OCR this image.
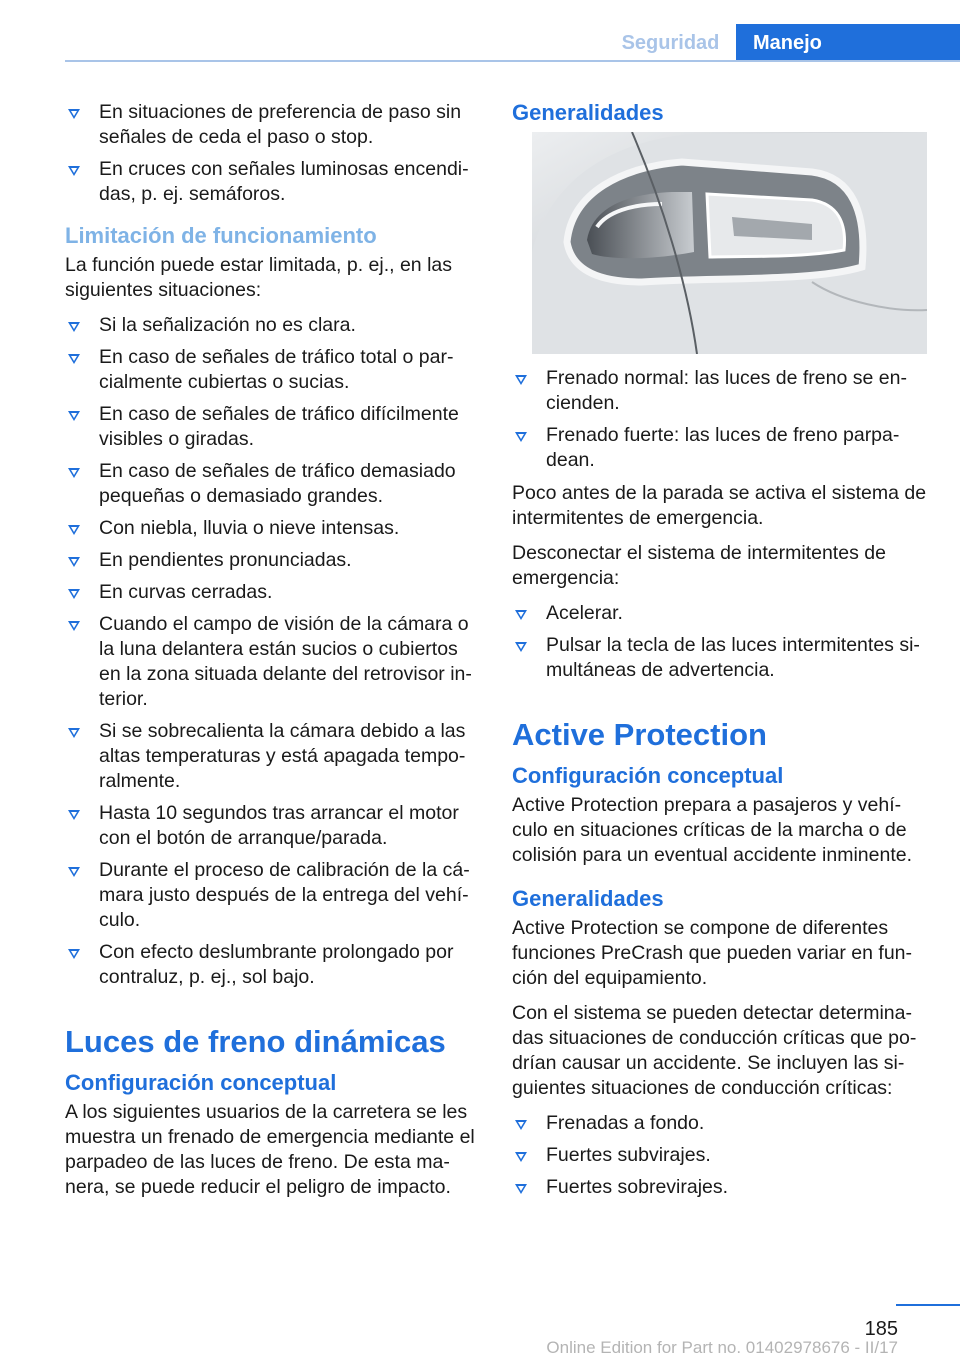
Seguridad	Manejo
En situaciones de preferencia de paso sin señales de ceda el paso o stop.
En cruces con señales luminosas encendi-das, p. ej. semáforos.
Limitación de funcionamiento

La función puede estar limitada, p. ej., en las siguientes situaciones:

Si la señalización no es clara.
En caso de señales de tráfico total o par-cialmente cubiertas o sucias.
En caso de señales de tráfico difícilmente visibles o giradas.
En caso de señales de tráfico demasiado pequeñas o demasiado grandes.
Con niebla, lluvia o nieve intensas.
En pendientes pronunciadas.
En curvas cerradas.
Cuando el campo de visión de la cámara o la luna delantera están sucios o cubiertos en la zona situada delante del retrovisor in-terior.
Si se sobrecalienta la cámara debido a las altas temperaturas y está apagada tempo-ralmente.
Hasta 10 segundos tras arrancar el motor con el botón de arranque/parada.
Durante el proceso de calibración de la cá-mara justo después de la entrega del vehí-culo.
Con efecto deslumbrante prolongado por contraluz, p. ej., sol bajo.
Luces de freno dinámicas
Configuración conceptual

A los siguientes usuarios de la carretera se les muestra un frenado de emergencia mediante el parpadeo de las luces de freno. De esta ma-nera, se puede reducir el peligro de impacto.

Generalidades
Frenado normal: las luces de freno se en-cienden.
Frenado fuerte: las luces de freno parpa-dean.

Poco antes de la parada se activa el sistema de intermitentes de emergencia.

Desconectar el sistema de intermitentes de emergencia:

Acelerar.
Pulsar la tecla de las luces intermitentes si-multáneas de advertencia.
Active Protection
Configuración conceptual

Active Protection prepara a pasajeros y vehí-culo en situaciones críticas de la marcha o de colisión para un eventual accidente inminente.

Generalidades

Active Protection se compone de diferentes funciones PreCrash que pueden variar en fun-ción del equipamiento.

Con el sistema se pueden detectar determina-das situaciones de conducción críticas que po-drían causar un accidente. Se incluyen las si-guientes situaciones de conducción críticas:

Frenadas a fondo.
Fuertes subvirajes.
Fuertes sobrevirajes.
185
Online Edition for Part no. 01402978676 - II/17
